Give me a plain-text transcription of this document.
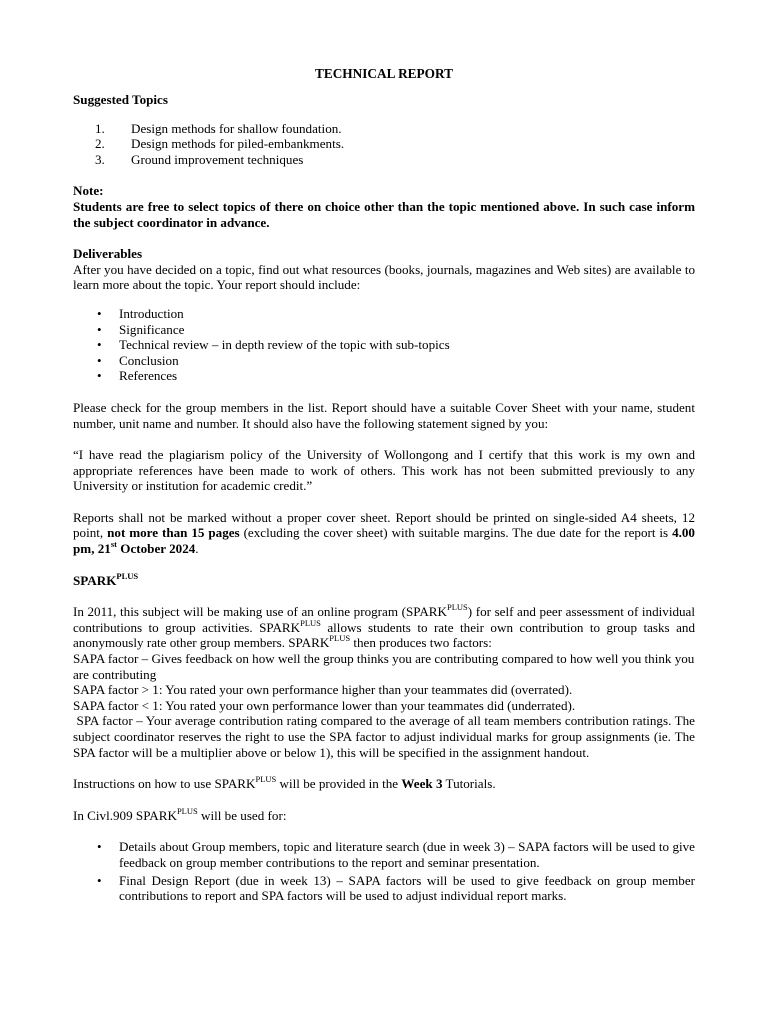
TECHNICAL REPORT

Suggested Topics

1. Design methods for shallow foundation.
2. Design methods for piled-embankments.
3. Ground improvement techniques

Note:

Students are free to select topics of there on choice other than the topic mentioned above. In such case inform the subject coordinator in advance.

Deliverables

After you have decided on a topic, find out what resources (books, journals, magazines and Web sites) are available to learn more about the topic. Your report should include:

• Introduction
• Significance
• Technical review – in depth review of the topic with sub-topics
• Conclusion
• References

Please check for the group members in the list. Report should have a suitable Cover Sheet with your name, student number, unit name and number. It should also have the following statement signed by you:

“I have read the plagiarism policy of the University of Wollongong and I certify that this work is my own and appropriate references have been made to work of others. This work has not been submitted previously to any University or institution for academic credit.”

Reports shall not be marked without a proper cover sheet. Report should be printed on single-sided A4 sheets, 12 point, not more than 15 pages (excluding the cover sheet) with suitable margins. The due date for the report is 4.00 pm, 21st October 2024.

$SPARK^{PLUS}$

In 2011, this subject will be making use of an online program $(SPARK^{PLUS})$ for self and peer assessment of individual contributions to group activities. $SPARK^{PLUS}$ allows students to rate their own contribution to group tasks and anonymously rate other group members. $SPARK^{PLUS}$ then produces two factors:

SAPA factor – Gives feedback on how well the group thinks you are contributing compared to how well you think you are contributing

SAPA factor > 1: You rated your own performance higher than your teammates did (overrated).

SAPA factor < 1: You rated your own performance lower than your teammates did (underrated).

SPA factor – Your average contribution rating compared to the average of all team members contribution ratings. The subject coordinator reserves the right to use the SPA factor to adjust individual marks for group assignments (ie. The SPA factor will be a multiplier above or below 1), this will be specified in the assignment handout.

Instructions on how to use $SPARK^{PLUS}$ will be provided in the Week 3 Tutorials.

In Civl.909 $SPARK^{PLUS}$ will be used for:

• Details about Group members, topic and literature search (due in week 3) – SAPA factors will be used to give feedback on group member contributions to the report and seminar presentation.
• Final Design Report (due in week 13) – SAPA factors will be used to give feedback on group member contributions to report and SPA factors will be used to adjust individual report marks.
